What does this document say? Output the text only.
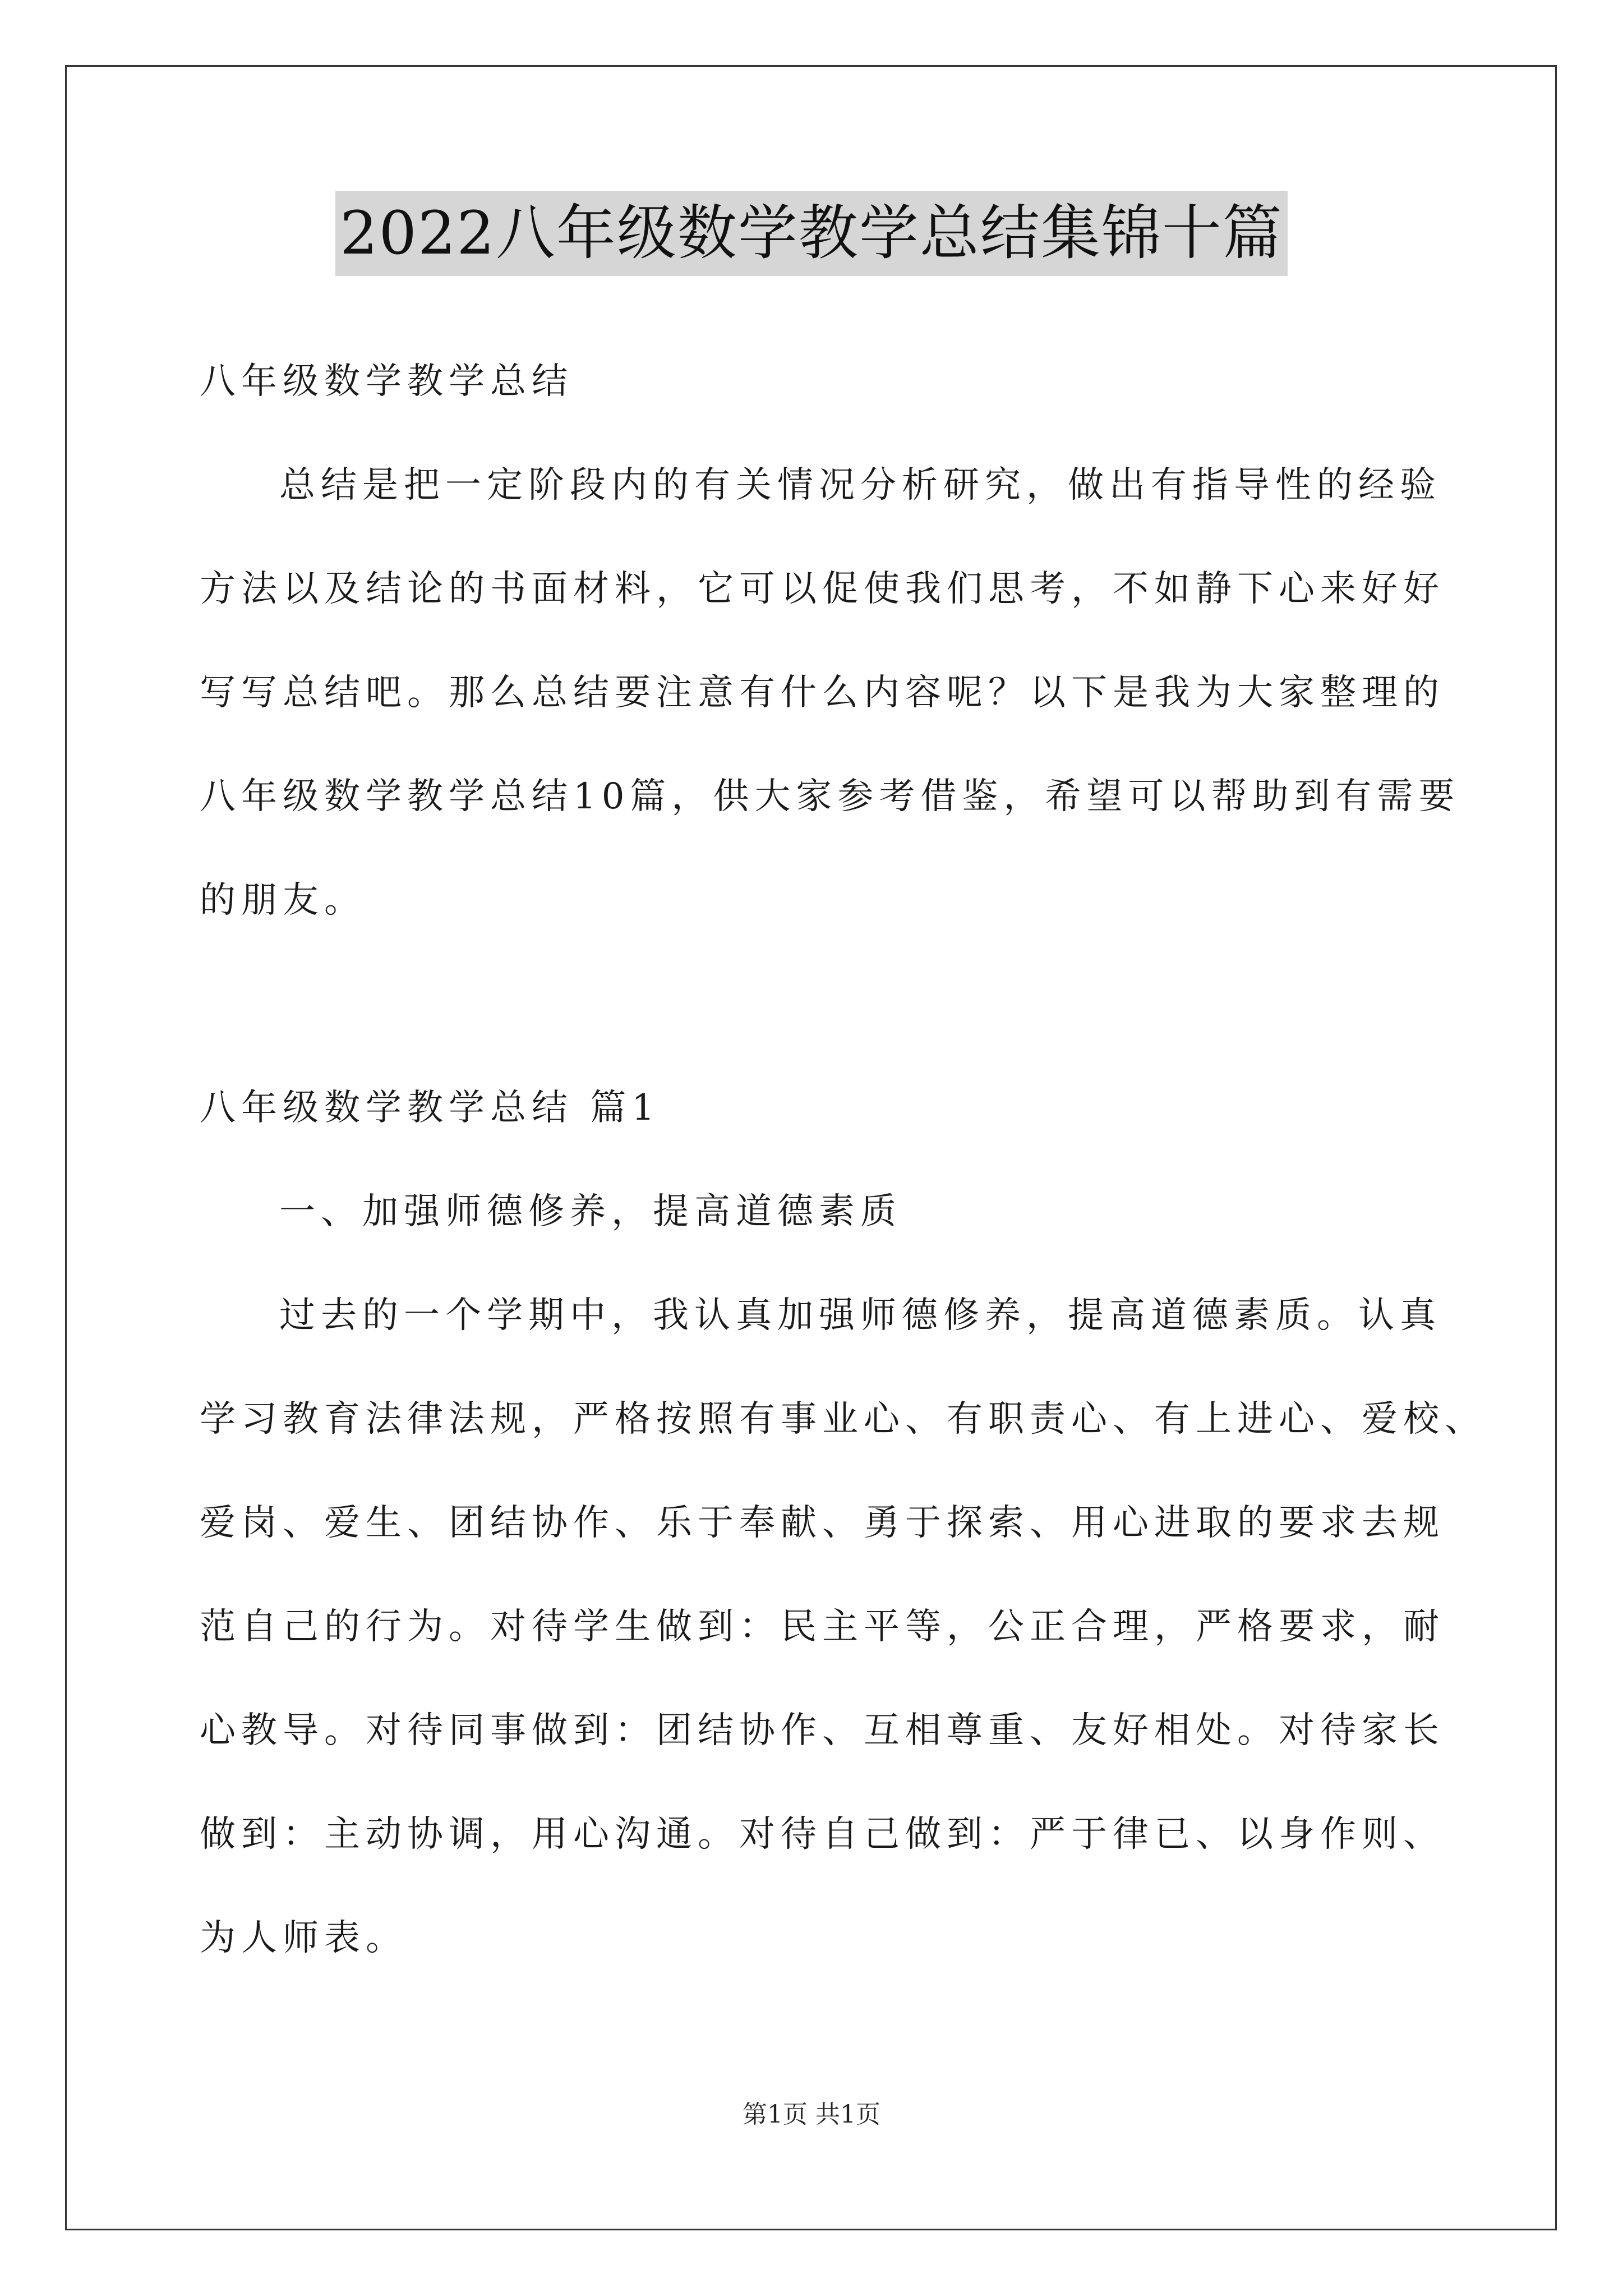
2022八年级数学教学总结集锦十篇
八年级数学教学总结
总结是把一定阶段内的有关情况分析研究，做出有指导性的经验
方法以及结论的书面材料，它可以促使我们思考，不如静下心来好好
写写总结吧。那么总结要注意有什么内容呢？以下是我为大家整理的
八年级数学教学总结10篇，供大家参考借鉴，希望可以帮助到有需要
的朋友。
八年级数学教学总结 篇1
一、加强师德修养，提高道德素质
过去的一个学期中，我认真加强师德修养，提高道德素质。认真
学习教育法律法规，严格按照有事业心、有职责心、有上进心、爱校、
爱岗、爱生、团结协作、乐于奉献、勇于探索、用心进取的要求去规
范自己的行为。对待学生做到：民主平等，公正合理，严格要求，耐
心教导。对待同事做到：团结协作、互相尊重、友好相处。对待家长
做到：主动协调，用心沟通。对待自己做到：严于律已、以身作则、
为人师表。
第1页 共1页
